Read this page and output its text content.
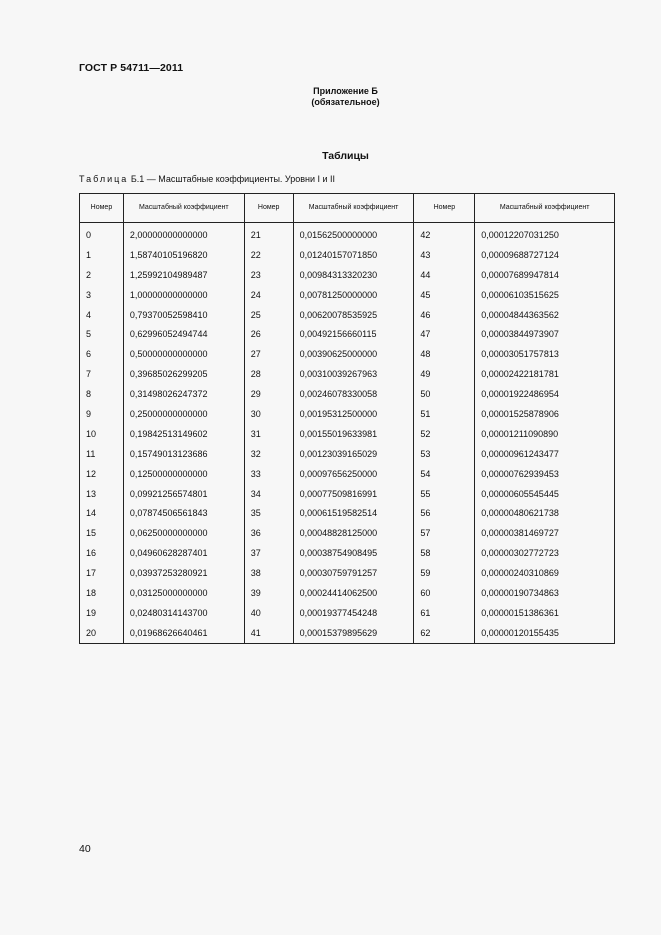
ГОСТ Р 54711—2011
Приложение Б
(обязательное)
Таблицы
Таблица Б.1 — Масштабные коэффициенты. Уровни I и II
Номер	Масштабный коэффициент	Номер	Масштабный коэффициент	Номер	Масштабный коэффициент
0	2,00000000000000	21	0,01562500000000	42	0,00012207031250
1	1,58740105196820	22	0,01240157071850	43	0,00009688727124
2	1,25992104989487	23	0,00984313320230	44	0,00007689947814
3	1,00000000000000	24	0,00781250000000	45	0,00006103515625
4	0,79370052598410	25	0,00620078535925	46	0,00004844363562
5	0,62996052494744	26	0,00492156660115	47	0,00003844973907
6	0,50000000000000	27	0,00390625000000	48	0,00003051757813
7	0,39685026299205	28	0,00310039267963	49	0,00002422181781
8	0,31498026247372	29	0,00246078330058	50	0,00001922486954
9	0,25000000000000	30	0,00195312500000	51	0,00001525878906
10	0,19842513149602	31	0,00155019633981	52	0,00001211090890
11	0,15749013123686	32	0,00123039165029	53	0,00000961243477
12	0,12500000000000	33	0,00097656250000	54	0,00000762939453
13	0,09921256574801	34	0,00077509816991	55	0,00000605545445
14	0,07874506561843	35	0,00061519582514	56	0,00000480621738
15	0,06250000000000	36	0,00048828125000	57	0,00000381469727
16	0,04960628287401	37	0,00038754908495	58	0,00000302772723
17	0,03937253280921	38	0,00030759791257	59	0,00000240310869
18	0,03125000000000	39	0,00024414062500	60	0,00000190734863
19	0,02480314143700	40	0,00019377454248	61	0,00000151386361
20	0,01968626640461	41	0,00015379895629	62	0,00000120155435
40
